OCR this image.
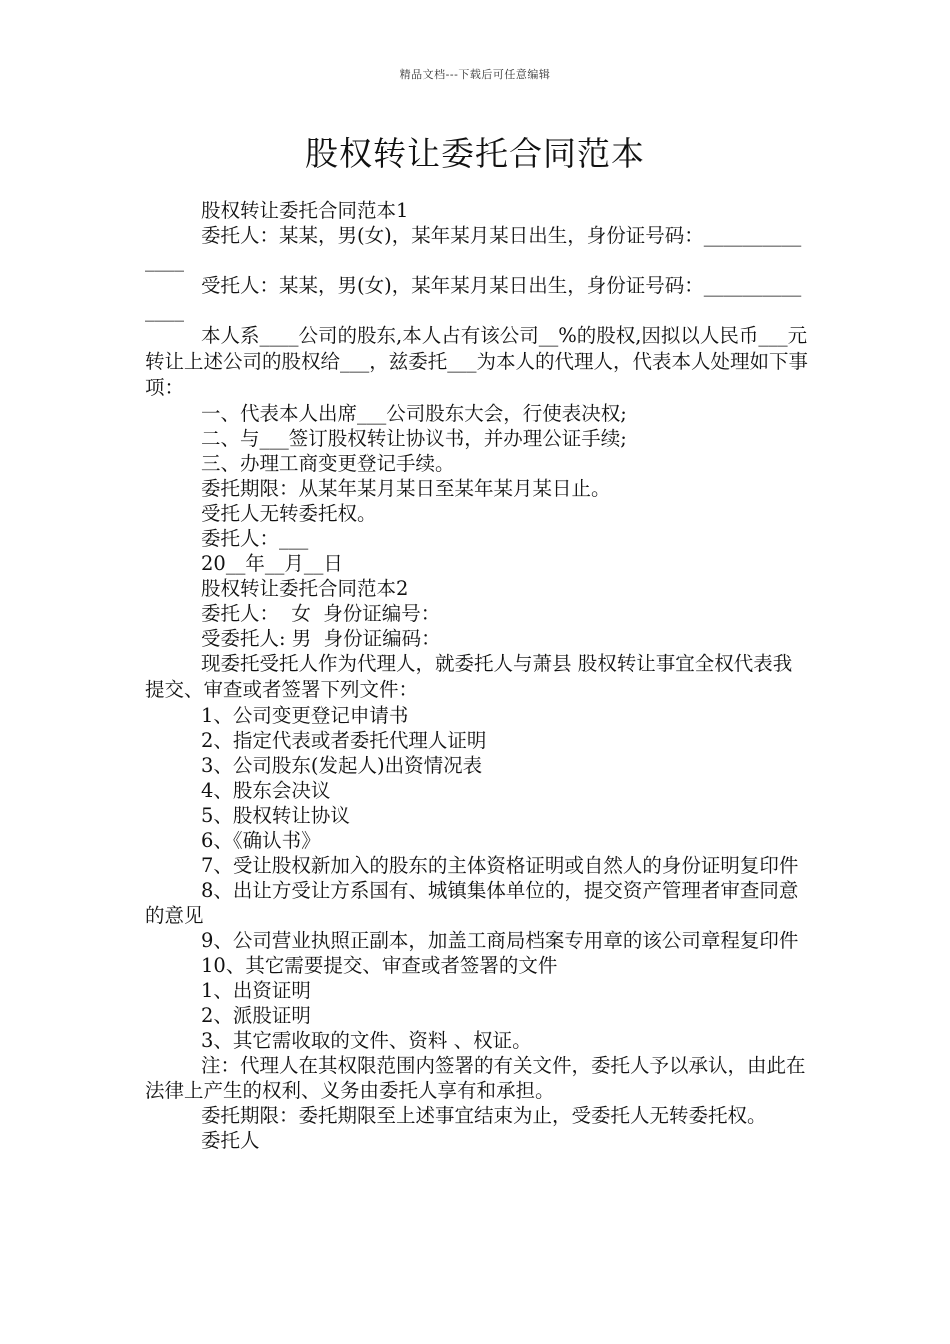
精品文档---下载后可任意编辑
股权转让委托合同范本

股权转让委托合同范本1

委托人：某某，男(女)，某年某月某日出生，身份证号码：______________

受托人：某某，男(女)，某年某月某日出生，身份证号码：______________

本人系____公司的股东,本人占有该公司__%的股权,因拟以人民币___元转让上述公司的股权给___，兹委托___为本人的代理人，代表本人处理如下事项：

一、代表本人出席___公司股东大会，行使表决权;

二、与___签订股权转让协议书，并办理公证手续;

三、办理工商变更登记手续。

委托期限：从某年某月某日至某年某月某日止。

受托人无转委托权。

委托人：___

20__年__月__日

股权转让委托合同范本2

委托人：  女  身份证编号：

受委托人: 男  身份证编码：

现委托受托人作为代理人，就委托人与萧县 股权转让事宜全权代表我提交、审查或者签署下列文件：

1、公司变更登记申请书

2、指定代表或者委托代理人证明

3、公司股东(发起人)出资情况表

4、股东会决议

5、股权转让协议

6、《确认书》

7、受让股权新加入的股东的主体资格证明或自然人的身份证明复印件

8、出让方受让方系国有、城镇集体单位的，提交资产管理者审查同意的意见

9、公司营业执照正副本，加盖工商局档案专用章的该公司章程复印件

10、其它需要提交、审查或者签署的文件

1、出资证明

2、派股证明

3、其它需收取的文件、资料 、权证。

注：代理人在其权限范围内签署的有关文件，委托人予以承认，由此在法律上产生的权利、义务由委托人享有和承担。

委托期限：委托期限至上述事宜结束为止，受委托人无转委托权。

委托人
